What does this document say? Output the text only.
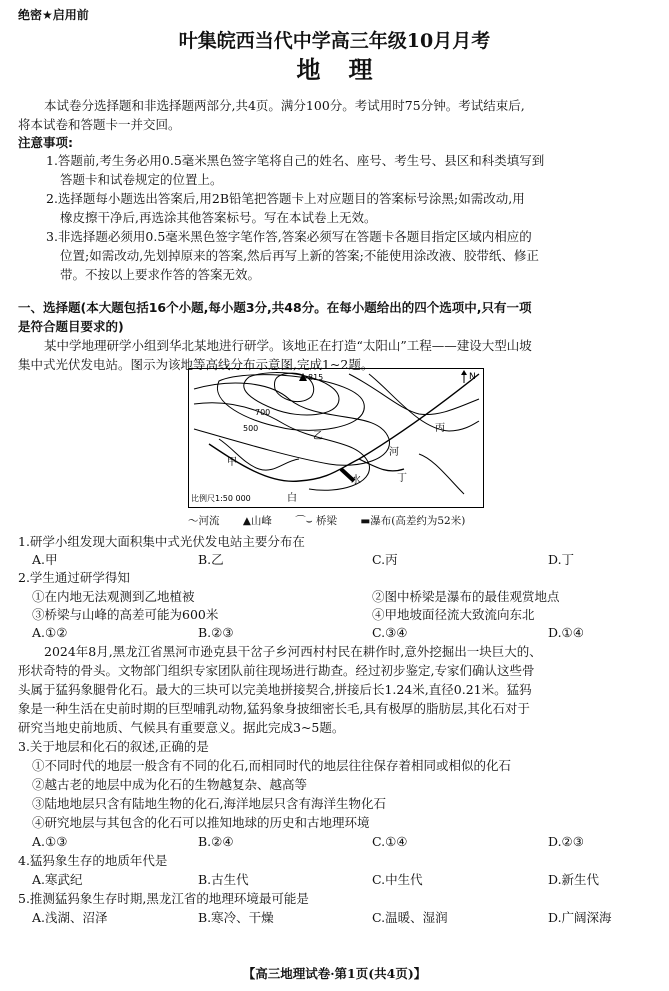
绝密★启用前
叶集皖西当代中学高三年级10月月考
地理
本试卷分选择题和非选择题两部分,共4页。满分100分。考试用时75分钟。考试结束后,
将本试卷和答题卡一并交回。
注意事项:
1.答题前,考生务必用0.5毫米黑色签字笔将自己的姓名、座号、考生号、县区和科类填写到
答题卡和试卷规定的位置上。
2.选择题每小题选出答案后,用2B铅笔把答题卡上对应题目的答案标号涂黑;如需改动,用
橡皮擦干净后,再选涂其他答案标号。写在本试卷上无效。
3.非选择题必须用0.5毫米黑色签字笔作答,答案必须写在答题卡各题目指定区域内相应的
位置;如需改动,先划掉原来的答案,然后再写上新的答案;不能使用涂改液、胶带纸、修正
带。不按以上要求作答的答案无效。
一、选择题(本大题包括16个小题,每小题3分,共48分。在每小题给出的四个选项中,只有一项
是符合题目要求的)
某中学地理研学小组到华北某地进行研学。该地正在打造“太阳山”工程——建设大型山坡
集中式光伏发电站。图示为该地等高线分布示意图,完成1~2题。
815
700
500
乙
丙
河
甲
丁
水
白
比例尺1:50 000
N
〜河流 ▲山峰 ⌒⌣ 桥梁 ▬瀑布(高差约为52米)
1.研学小组发现大面积集中式光伏发电站主要分布在
A.甲	B.乙	C.丙	D.丁
2.学生通过研学得知
①在内地无法观测到乙地植被	②图中桥梁是瀑布的最佳观赏地点
③桥梁与山峰的高差可能为600米	④甲地坡面径流大致流向东北
A.①②	B.②③	C.③④	D.①④
2024年8月,黑龙江省黑河市逊克县干岔子乡河西村村民在耕作时,意外挖掘出一块巨大的、
形状奇特的骨头。文物部门组织专家团队前往现场进行勘查。经过初步鉴定,专家们确认这些骨
头属于猛犸象腿骨化石。最大的三块可以完美地拼接契合,拼接后长1.24米,直径0.21米。猛犸
象是一种生活在史前时期的巨型哺乳动物,猛犸象身披细密长毛,具有极厚的脂肪层,其化石对于
研究当地史前地质、气候具有重要意义。据此完成3~5题。
3.关于地层和化石的叙述,正确的是
①不同时代的地层一般含有不同的化石,而相同时代的地层往往保存着相同或相似的化石
②越古老的地层中成为化石的生物越复杂、越高等
③陆地地层只含有陆地生物的化石,海洋地层只含有海洋生物化石
④研究地层与其包含的化石可以推知地球的历史和古地理环境
A.①③	B.②④	C.①④	D.②③
4.猛犸象生存的地质年代是
A.寒武纪	B.古生代	C.中生代	D.新生代
5.推测猛犸象生存时期,黑龙江省的地理环境最可能是
A.浅湖、沼泽	B.寒冷、干燥	C.温暖、湿润	D.广阔深海
【高三地理试卷·第1页(共4页)】
